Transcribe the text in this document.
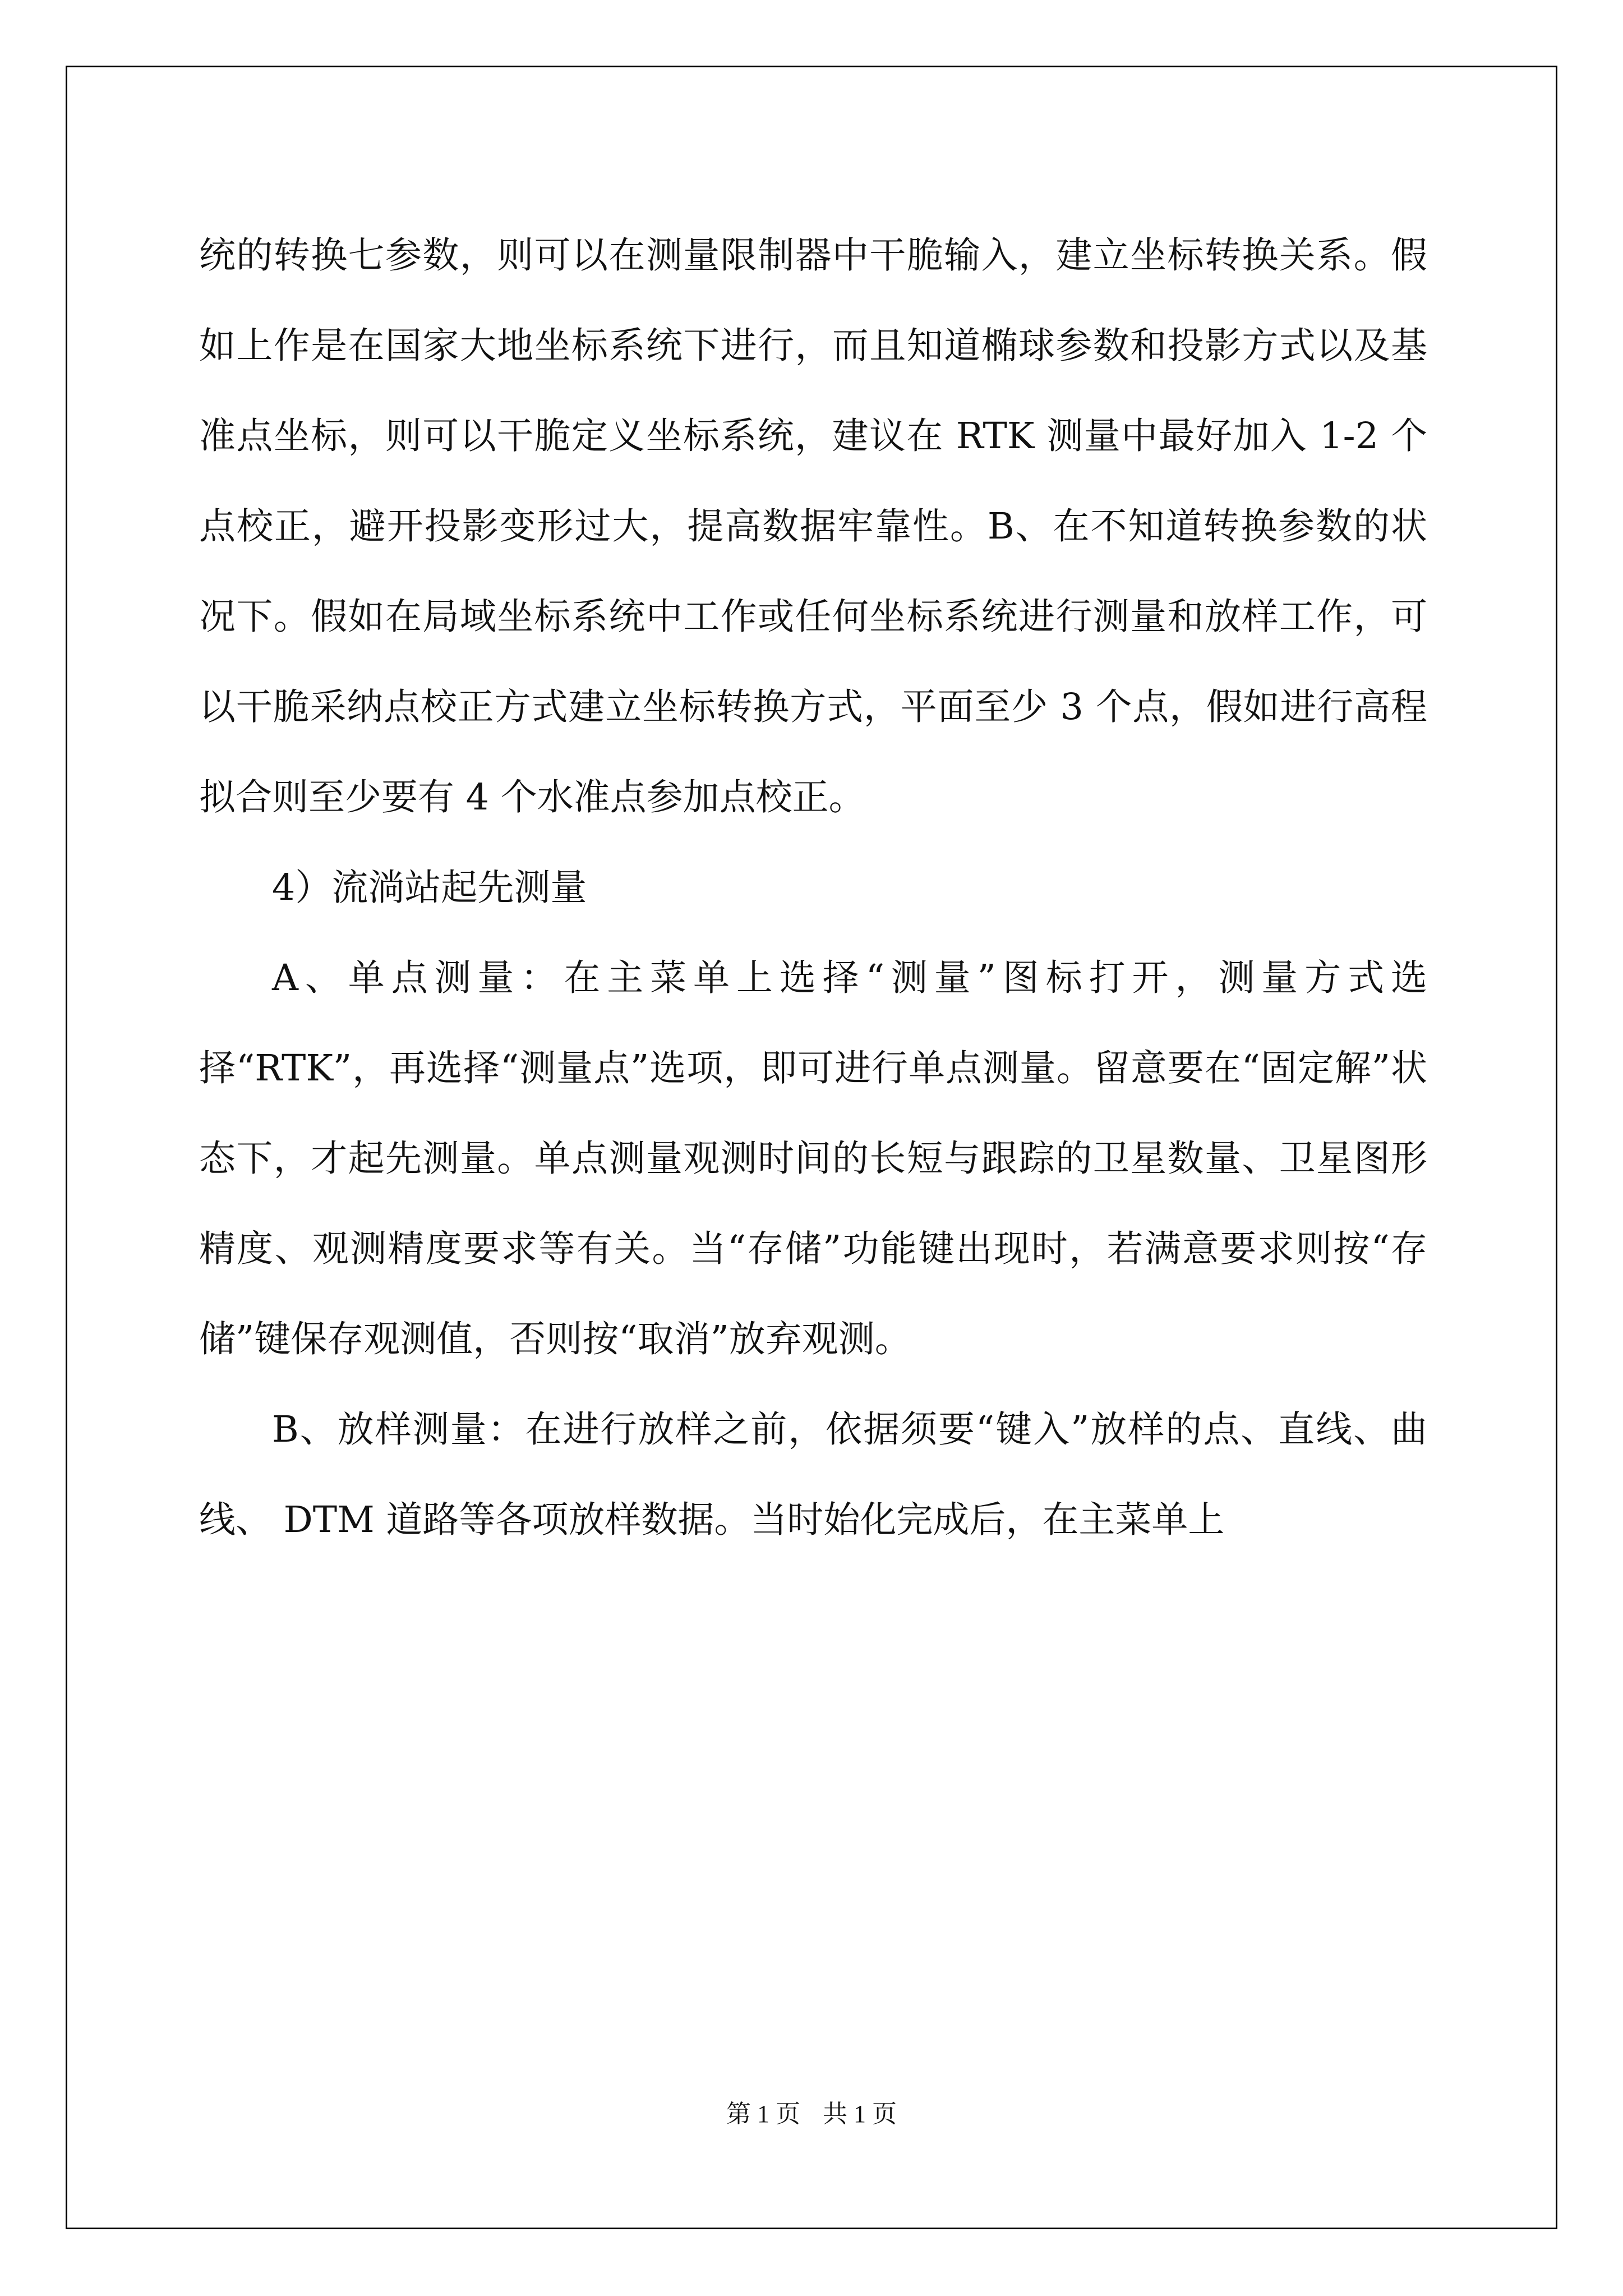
统的转换七参数，则可以在测量限制器中干脆输入，建立坐标转换关系。假如上作是在国家大地坐标系统下进行，而且知道椭球参数和投影方式以及基准点坐标，则可以干脆定义坐标系统，建议在 RTK 测量中最好加入 1-2 个点校正，避开投影变形过大，提高数据牢靠性。B、在不知道转换参数的状况下。假如在局域坐标系统中工作或任何坐标系统进行测量和放样工作，可以干脆采纳点校正方式建立坐标转换方式，平面至少 3 个点，假如进行高程拟合则至少要有 4 个水准点参加点校正。

4）流淌站起先测量

A、单点测量：在主菜单上选择“测量”图标打开，测量方式选择“RTK”，再选择“测量点”选项，即可进行单点测量。留意要在“固定解”状态下，才起先测量。单点测量观测时间的长短与跟踪的卫星数量、卫星图形精度、观测精度要求等有关。当“存储”功能键出现时，若满意要求则按“存储”键保存观测值，否则按“取消”放弃观测。

B、放样测量：在进行放样之前，依据须要“键入”放样的点、直线、曲线、 DTM 道路等各项放样数据。当时始化完成后，在主菜单上

第 1 页 共 1 页
